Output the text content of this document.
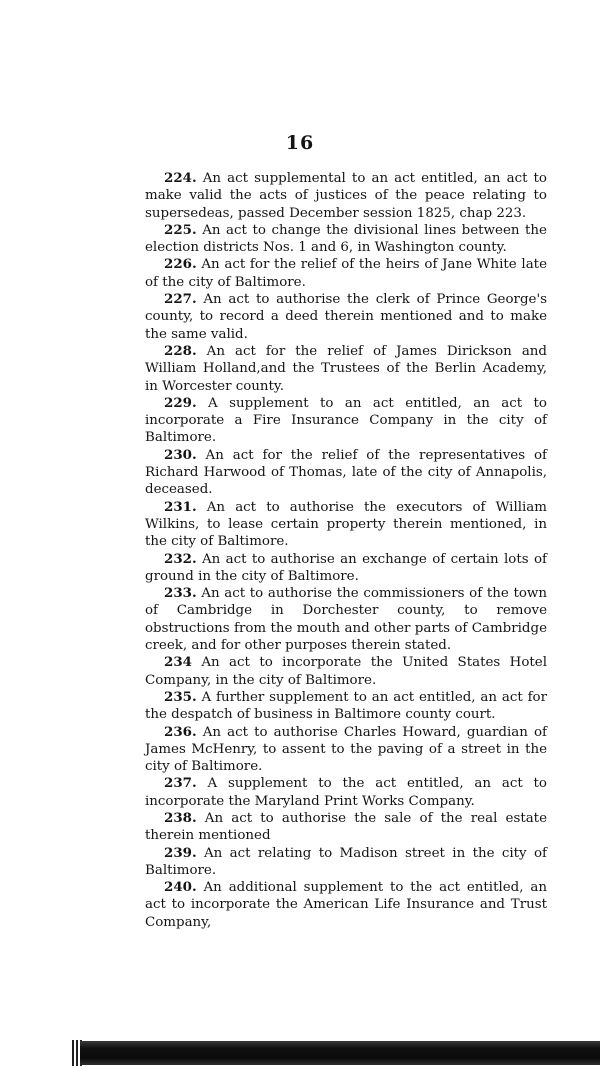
16

224. An act supplemental to an act entitled, an act to make valid the acts of justices of the peace relating to supersedeas, passed December session 1825, chap 223.

225. An act to change the divisional lines between the election districts Nos. 1 and 6, in Washington county.

226. An act for the relief of the heirs of Jane White late of the city of Baltimore.

227. An act to authorise the clerk of Prince George's county, to record a deed therein mentioned and to make the same valid.

228. An act for the relief of James Dirickson and William Holland,and the Trustees of the Berlin Academy, in Worcester county.

229. A supplement to an act entitled, an act to incorporate a Fire Insurance Company in the city of Baltimore.

230. An act for the relief of the representatives of Richard Harwood of Thomas, late of the city of Annapolis, deceased.

231. An act to authorise the executors of William Wilkins, to lease certain property therein mentioned, in the city of Baltimore.

232. An act to authorise an exchange of certain lots of ground in the city of Baltimore.

233. An act to authorise the commissioners of the town of Cambridge in Dorchester county, to remove obstructions from the mouth and other parts of Cambridge creek, and for other purposes therein stated.

234 An act to incorporate the United States Hotel Company, in the city of Baltimore.

235. A further supplement to an act entitled, an act for the despatch of business in Baltimore county court.

236. An act to authorise Charles Howard, guardian of James McHenry, to assent to the paving of a street in the city of Baltimore.

237. A supplement to the act entitled, an act to incorporate the Maryland Print Works Company.

238. An act to authorise the sale of the real estate therein mentioned

239. An act relating to Madison street in the city of Baltimore.

240. An additional supplement to the act entitled, an act to incorporate the American Life Insurance and Trust Company,
